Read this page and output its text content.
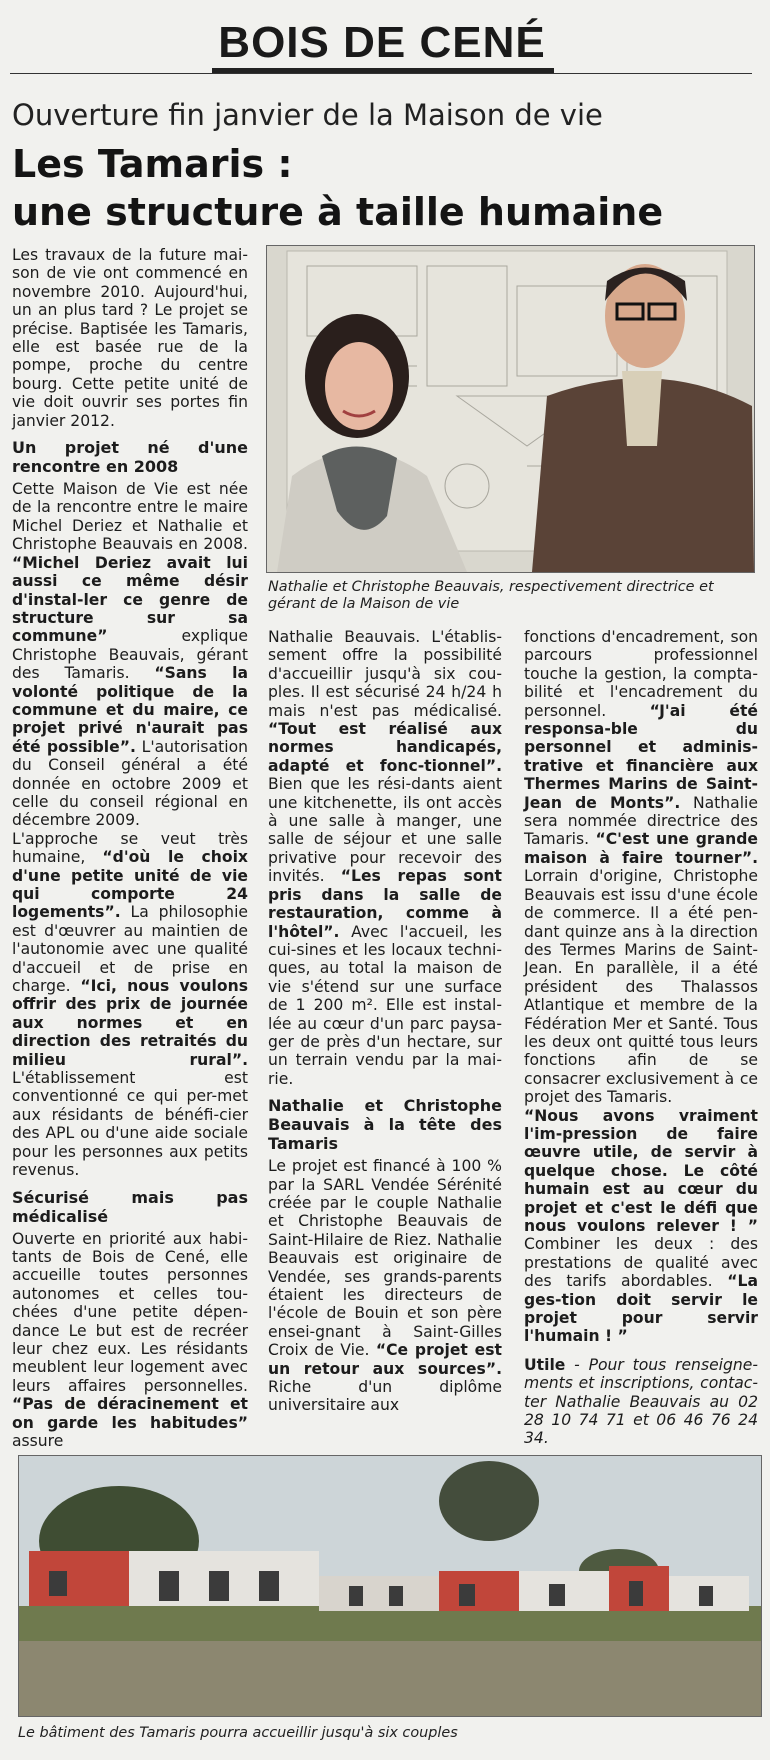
BOIS DE CENÉ
Ouverture fin janvier de la Maison de vie
Les Tamaris :
une structure à taille humaine

Les travaux de la future mai-son de vie ont commencé en novembre 2010. Aujourd'hui, un an plus tard ? Le projet se précise. Baptisée les Tamaris, elle est basée rue de la pompe, proche du centre bourg. Cette petite unité de vie doit ouvrir ses portes fin janvier 2012.

Un projet né d'une rencontre en 2008

Cette Maison de Vie est née de la rencontre entre le maire Michel Deriez et Nathalie et Christophe Beauvais en 2008. “Michel Deriez avait lui aussi ce même désir d'instal-ler ce genre de structure sur sa commune”	explique Christophe Beauvais, gérant des Tamaris. “Sans la volonté politique de la commune et du maire, ce projet privé n'aurait pas été possible”. L'autorisation du Conseil général a été donnée en octobre 2009 et celle du conseil régional en décembre 2009.

L'approche se veut très humaine, “d'où le choix d'une petite unité de vie qui comporte 24 logements”. La philosophie est d'œuvrer au maintien de l'autonomie avec une qualité d'accueil et de prise en charge. “Ici, nous voulons offrir des prix de journée aux normes et en direction des retraités du milieu rural”. L'établissement est conventionné ce qui per-met aux résidants de bénéfi-cier des APL ou d'une aide sociale pour les personnes aux petits revenus.

Sécurisé mais pas médicalisé

Ouverte en priorité aux habi-tants de Bois de Cené, elle accueille toutes personnes autonomes et celles tou-chées d'une petite dépen-dance Le but est de recréer leur chez eux. Les résidants meublent leur logement avec leurs affaires personnelles. “Pas de déracinement et on garde les habitudes” assure

Nathalie et Christophe Beauvais, respectivement directrice et gérant de la Maison de vie

Nathalie Beauvais. L'établis-sement offre la possibilité d'accueillir jusqu'à six cou-ples. Il est sécurisé 24 h/24 h mais n'est pas médicalisé. “Tout est réalisé aux normes handicapés, adapté et fonc-tionnel”. Bien que les rési-dants aient une kitchenette, ils ont accès à une salle à manger, une salle de séjour et une salle privative pour recevoir des invités. “Les repas sont pris dans la salle de restauration, comme à l'hôtel”. Avec l'accueil, les cui-sines et les locaux techni-ques, au total la maison de vie s'étend sur une surface de 1 200 m². Elle est instal-lée au cœur d'un parc paysa-ger de près d'un hectare, sur un terrain vendu par la mai-rie.

Nathalie et Christophe Beauvais à la tête des Tamaris

Le projet est financé à 100 % par la SARL Vendée Sérénité créée par le couple Nathalie et Christophe Beauvais de Saint-Hilaire de Riez. Nathalie Beauvais est originaire de Vendée, ses grands-parents étaient les directeurs de l'école de Bouin et son père ensei-gnant à Saint-Gilles Croix de Vie. “Ce projet est un retour aux sources”. Riche d'un diplôme universitaire aux

fonctions d'encadrement, son parcours professionnel touche la gestion, la compta-bilité et l'encadrement du personnel.	“J'ai été responsa-ble du personnel et adminis-trative et financière aux Thermes Marins de Saint-Jean de Monts”. Nathalie sera nommée directrice des Tamaris. “C'est une grande maison à faire tourner”. Lorrain d'origine, Christophe Beauvais est issu d'une école de commerce. Il a été pen-dant quinze ans à la direction des Termes Marins de Saint-Jean. En parallèle, il a été président des Thalassos Atlantique et membre de la Fédération Mer et Santé. Tous les deux ont quitté tous leurs fonctions afin de se consacrer exclusivement à ce projet des Tamaris.

“Nous avons vraiment l'im-pression de faire œuvre utile, de servir à quelque chose. Le côté humain est au cœur du projet et c'est le défi que nous voulons relever ! ” Combiner les deux : des prestations de qualité avec des tarifs abordables. “La ges-tion doit servir le projet pour servir l'humain ! ”

Utile - Pour tous renseigne-ments et inscriptions, contac-ter Nathalie Beauvais au 02 28 10 74 71 et 06 46 76 24 34.

Le bâtiment des Tamaris pourra accueillir jusqu'à six couples
